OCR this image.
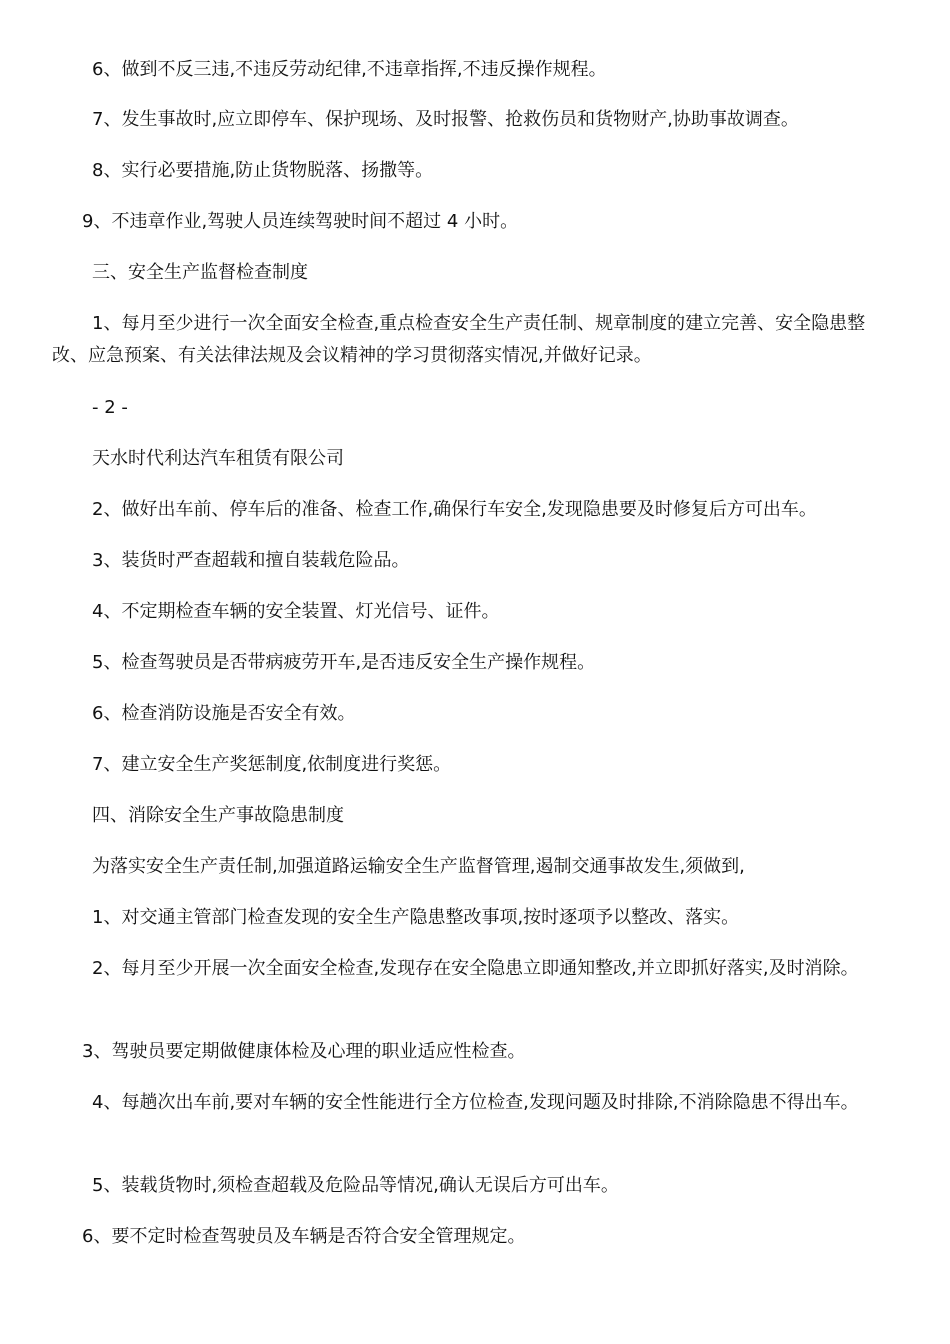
6、做到不反三违,不违反劳动纪律,不违章指挥,不违反操作规程。

7、发生事故时,应立即停车、保护现场、及时报警、抢救伤员和货物财产,协助事故调查。

8、实行必要措施,防止货物脱落、扬撒等。

9、不违章作业,驾驶人员连续驾驶时间不超过 4 小时。

三、安全生产监督检查制度

1、每月至少进行一次全面安全检查,重点检查安全生产责任制、规章制度的建立完善、安全隐患整改、应急预案、有关法律法规及会议精神的学习贯彻落实情况,并做好记录。

- 2 -

天水时代利达汽车租赁有限公司

2、做好出车前、停车后的准备、检查工作,确保行车安全,发现隐患要及时修复后方可出车。

3、装货时严查超载和擅自装载危险品。

4、不定期检查车辆的安全装置、灯光信号、证件。

5、检查驾驶员是否带病疲劳开车,是否违反安全生产操作规程。

6、检查消防设施是否安全有效。

7、建立安全生产奖惩制度,依制度进行奖惩。

四、消除安全生产事故隐患制度

为落实安全生产责任制,加强道路运输安全生产监督管理,遏制交通事故发生,须做到,

1、对交通主管部门检查发现的安全生产隐患整改事项,按时逐项予以整改、落实。

2、每月至少开展一次全面安全检查,发现存在安全隐患立即通知整改,并立即抓好落实,及时消除。

3、驾驶员要定期做健康体检及心理的职业适应性检查。

4、每趟次出车前,要对车辆的安全性能进行全方位检查,发现问题及时排除,不消除隐患不得出车。

5、装载货物时,须检查超载及危险品等情况,确认无误后方可出车。

6、要不定时检查驾驶员及车辆是否符合安全管理规定。
